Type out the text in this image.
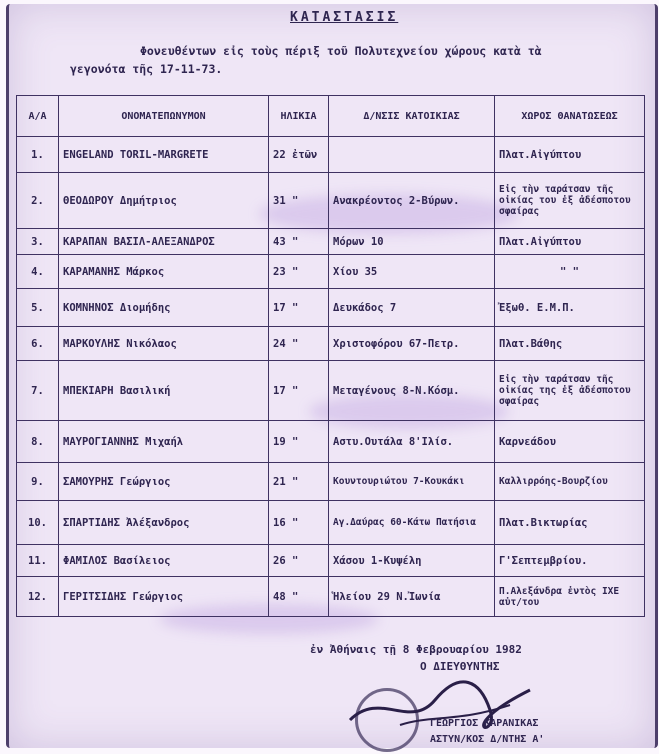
ΚΑΤΑΣΤΑΣΙΣ
Φονευθέντων εἰς τοὺς πέριξ τοῦ Πολυτεχνείου χώρους κατὰ τὰ
γεγονότα τῆς 17-11-73.
Α/Α	ΟΝΟΜΑΤΕΠΩΝΥΜΟΝ	ΗΛΙΚΙΑ	Δ/ΝΣΙΣ ΚΑΤΟΙΚΙΑΣ	ΧΩΡΟΣ ΘΑΝΑΤΩΣΕΩΣ
1.	ENGELAND TORIL-MARGRETE	22 ἐτῶν		Πλατ.Αἰγύπτου
2.	ΘΕΟΔΩΡΟΥ Δημήτριος	31 "	Ανακρέοντος 2-Βύρων.	Εἰς τὴν ταράτσαν τῆς οἰκίας του ἐξ ἀδέσποτου σφαίρας
3.	ΚΑΡΑΠΑΝ ΒΑΣΙΛ-ΑΛΕΞΑΝΔΡΟΣ	43 "	Μόρων 10	Πλατ.Αἰγύπτου
4.	ΚΑΡΑΜΑΝΗΣ Μάρκος	23 "	Χίου 35	" "
5.	ΚΟΜΝΗΝΟΣ Διομήδης	17 "	Δευκάδος 7	Ἐξωθ. Ε.Μ.Π.
6.	ΜΑΡΚΟΥΛΗΣ Νικόλαος	24 "	Χριστοφόρου 67-Πετρ.	Πλατ.Βάθης
7.	ΜΠΕΚΙΑΡΗ Βασιλική	17 "	Μεταγένους 8-Ν.Κόσμ.	Εἰς τὴν ταράτσαν τῆς οἰκίας της ἐξ ἀδέσποτου σφαίρας
8.	ΜΑΥΡΟΓΙΑΝΝΗΣ Μιχαήλ	19 "	Αστυ.Ουτάλα 8'Ιλίσ.	Καρνεάδου
9.	ΣΑΜΟΥΡΗΣ Γεώργιος	21 "	Κουντουριώτου 7-Κουκάκι	Καλλιρρόης-Βουρζίου
10.	ΣΠΑΡΤΙΔΗΣ Ἀλέξανδρος	16 "	Αγ.Δαύρας 60-Κάτω Πατήσια	Πλατ.Βικτωρίας
11.	ΦΑΜΙΛΟΣ Βασίλειος	26 "	Χάσου 1-Κυψέλη	Γ'Σεπτεμβρίου.
12.	ΓΕΡΙΤΣΙΔΗΣ Γεώργιος	48 "	Ἡλείου 29 Ν.Ἰωνία	Π.Αλεξάνδρα ἐντὸς ΙΧΕ αὐτ/του
ἐν Ἀθήναις τῇ 8 Φεβρουαρίου 1982
Ο ΔΙΕΥΘΥΝΤΗΣ
ΓΕΩΡΓΙΟΣ ΚΑΡΑΝΙΚΑΣ
ΑΣΤΥΝ/ΚΟΣ Δ/ΝΤΗΣ Α'
